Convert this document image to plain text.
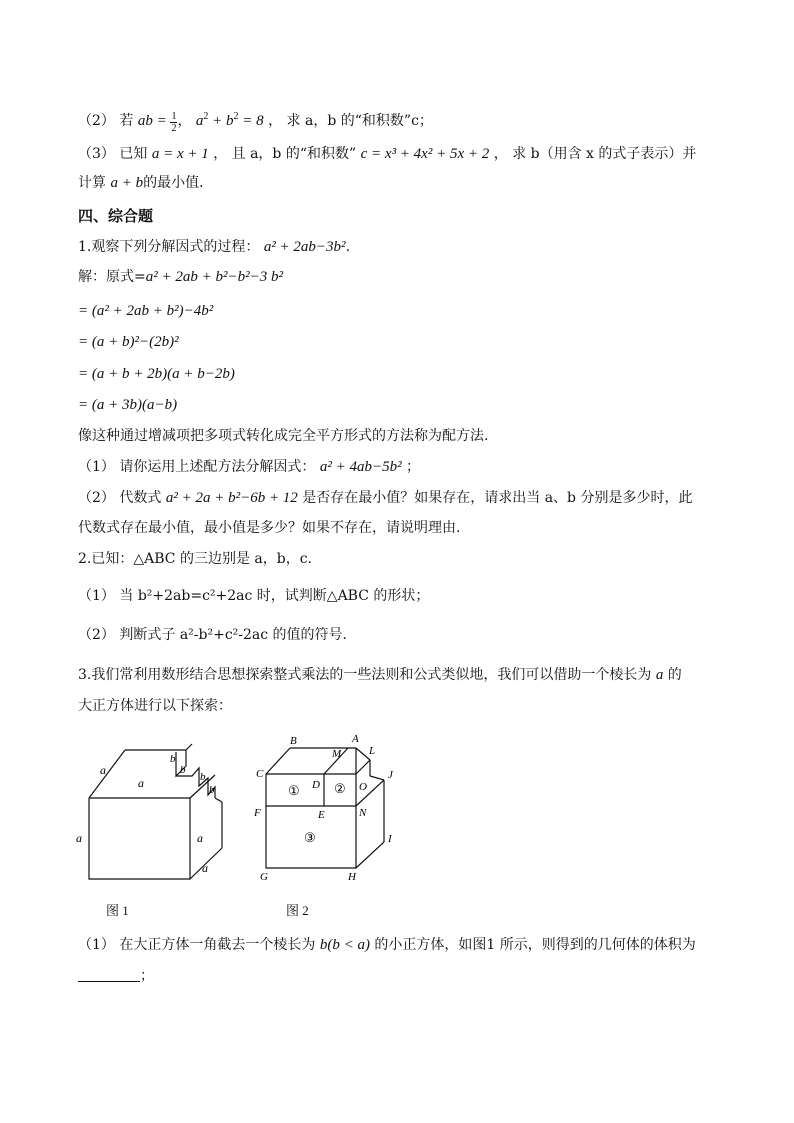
（2） 若 ab = $\frac{1}{2}$ ， $a^2 + b^2 = 8$ ， 求 a，b 的“和积数”c；
（3） 已知 a = x + 1 ， 且 a，b 的“和积数” c = x³ + 4x² + 5x + 2 ， 求 b（用含 x 的式子表示）并
计算 a + b的最小值．
四、综合题
1.观察下列分解因式的过程： a² + 2ab−3b².
解：原式=a² + 2ab + b²−b²−3 b²
= (a² + 2ab + b²)−4b²
= (a + b)²−(2b)²
= (a + b + 2b)(a + b−2b)
= (a + 3b)(a−b)
像这种通过增减项把多项式转化成完全平方形式的方法称为配方法.
（1） 请你运用上述配方法分解因式： a² + 4ab−5b² ；
（2） 代数式 a² + 2a + b²−6b + 12 是否存在最小值？如果存在，请求出当 a、b 分别是多少时，此
代数式存在最小值，最小值是多少？如果不存在，请说明理由.
2.已知：△ABC 的三边别是 a，b，c.
（1） 当 b²+2ab=c²+2ac 时，试判断△ABC 的形状；
（2） 判断式子 a²-b²+c²-2ac 的值的符号．
3.我们常利用数形结合思想探索整式乘法的一些法则和公式类似地，我们可以借助一个棱长为 a 的
大正方体进行以下探索：
a
a
b
b
b
b
a	a
a
B	A
M	L
C
D	O
J
F	E	N
I
G	H
①	②
③
图 1	图 2
（1） 在大正方体一角截去一个棱长为 b(b < a) 的小正方体，如图1 所示，则得到的几何体的体积为
；
